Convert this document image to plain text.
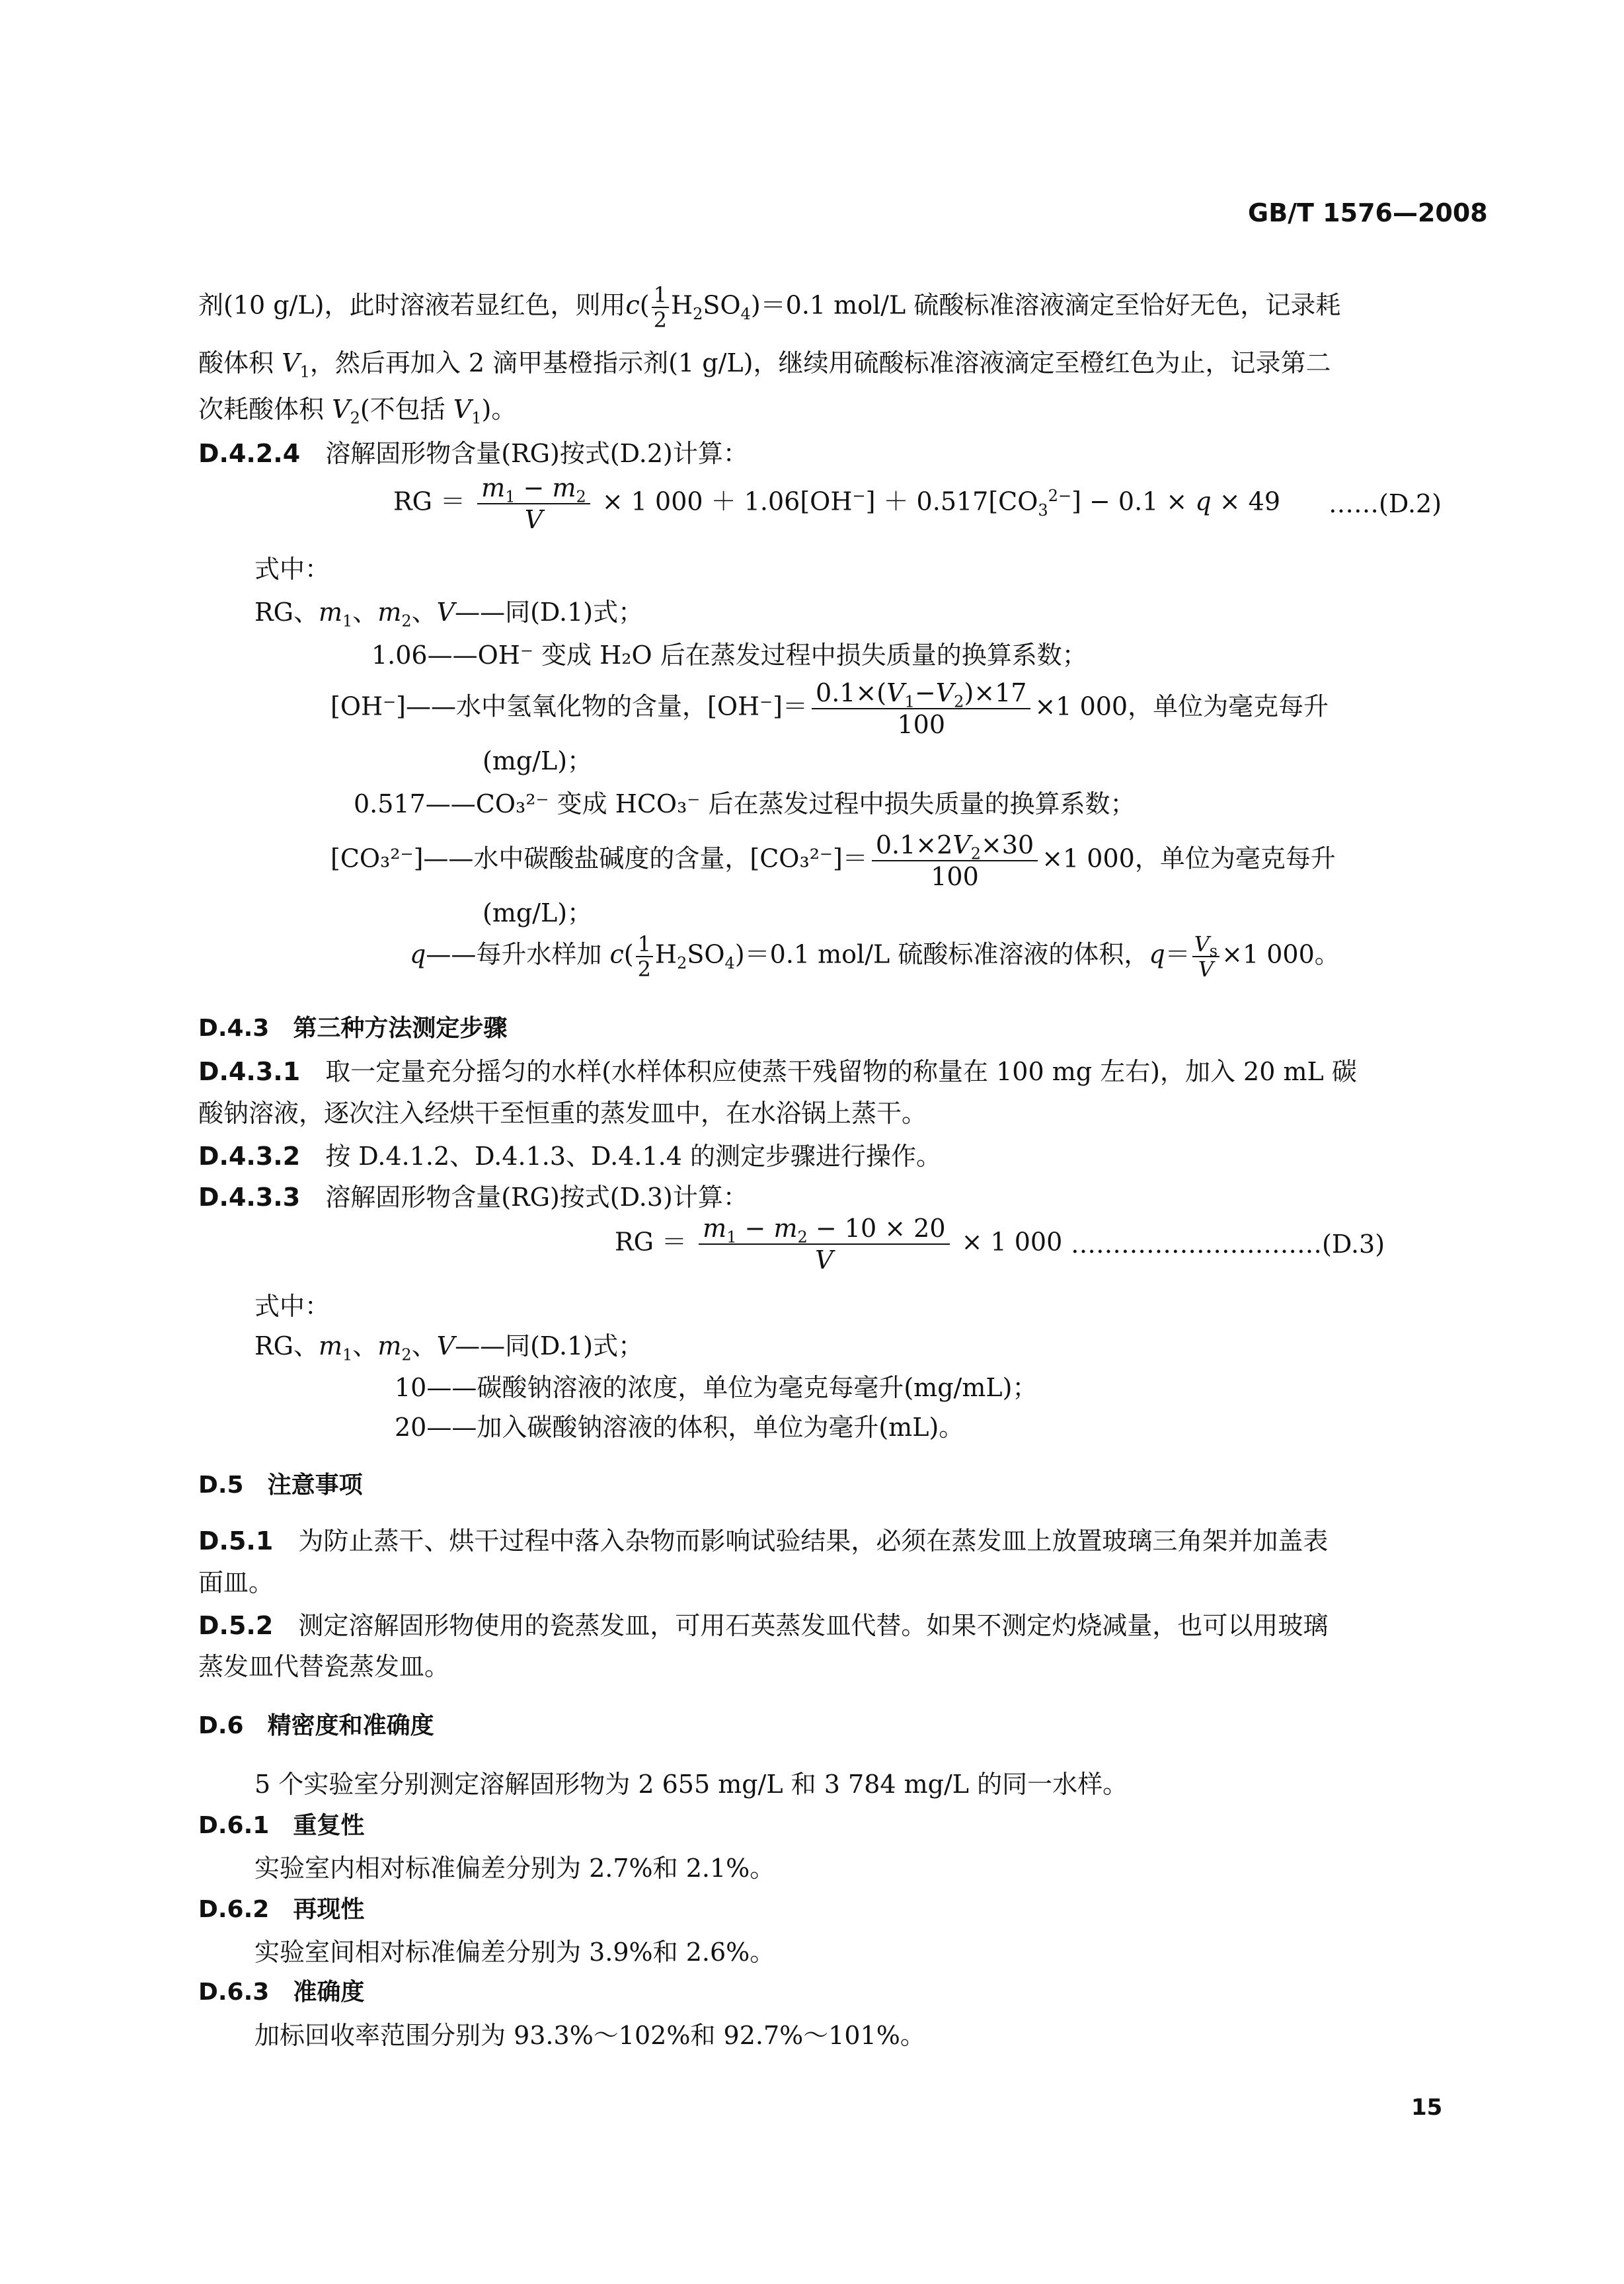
GB/T 1576—2008
剂(10 g/L)，此时溶液若显红色，则用$c( \frac{1}{2} H_2SO_4)=0.1$ mol/L 硫酸标准溶液滴定至恰好无色，记录耗
酸体积 $V_1$，然后再加入 2 滴甲基橙指示剂(1 g/L)，继续用硫酸标准溶液滴定至橙红色为止，记录第二
次耗酸体积 $V_2$(不包括 $V_1$)。
D.4.2.4　 溶解固形物含量(RG)按式(D.2)计算：
RG ＝ $\frac{m_1 - m_2}{V} \times 1$ $000 + 1.06[OH^-] + 0.517[CO_3^{2-}] - 0.1 \times q \times 49$ ……(D.2)
式中：
RG、$m_1$、$m_2$、V——同(D.1)式；
1.06——OH⁻ 变成 H₂O 后在蒸发过程中损失质量的换算系数；
[OH⁻]——水中氢氧化物的含量，$[OH^-]= \frac{0.1\times(V_1-V_2)\times 17}{100} \times 1$ 000，单位为毫克每升
(mg/L)；
0.517——CO₃²⁻ 变成 HCO₃⁻ 后在蒸发过程中损失质量的换算系数；
[CO₃²⁻]——水中碳酸盐碱度的含量，$[CO_3^{2-}]= \frac{0.1\times 2V_2\times 30}{100} \times 1$ 000，单位为毫克每升
(mg/L)；
q——每升水样加 $c( \frac{1}{2} H_2SO_4)=0.1$ mol/L 硫酸标准溶液的体积，$q= \frac{V_s}{V} \times 1$ 000。
D.4.3　第三种方法测定步骤
D.4.3.1　 取一定量充分摇匀的水样(水样体积应使蒸干残留物的称量在 100 mg 左右)，加入 20 mL 碳
酸钠溶液，逐次注入经烘干至恒重的蒸发皿中，在水浴锅上蒸干。
D.4.3.2　 按 D.4.1.2、D.4.1.3、D.4.1.4 的测定步骤进行操作。
D.4.3.3　 溶解固形物含量(RG)按式(D.3)计算：
RG ＝ $\frac{m_1 - m_2 - 10 \times 20}{V} \times 1$ 000 …………………………(D.3)
式中：
RG、$m_1$、$m_2$、V——同(D.1)式；
10——碳酸钠溶液的浓度，单位为毫克每毫升(mg/mL)；
20——加入碳酸钠溶液的体积，单位为毫升(mL)。
D.5　注意事项
D.5.1　 为防止蒸干、烘干过程中落入杂物而影响试验结果，必须在蒸发皿上放置玻璃三角架并加盖表
面皿。
D.5.2　 测定溶解固形物使用的瓷蒸发皿，可用石英蒸发皿代替。如果不测定灼烧减量，也可以用玻璃
蒸发皿代替瓷蒸发皿。
D.6　精密度和准确度
5 个实验室分别测定溶解固形物为 2 655 mg/L 和 3 784 mg/L 的同一水样。
D.6.1　重复性
实验室内相对标准偏差分别为 2.7%和 2.1%。
D.6.2　再现性
实验室间相对标准偏差分别为 3.9%和 2.6%。
D.6.3　准确度
加标回收率范围分别为 93.3%～102%和 92.7%～101%。
15
